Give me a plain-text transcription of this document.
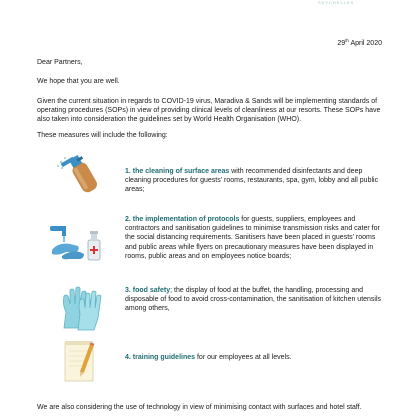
SEYCHELLES
29th April 2020

Dear Partners,

We hope that you are well.

Given the current situation in regards to COVID-19 virus, Maradiva & Sands will be implementing standards of operating procedures (SOPs) in view of providing clinical levels of cleanliness at our resorts. These SOPs have also taken into consideration the guidelines set by World Health Organisation (WHO).

These measures will include the following:

1. the cleaning of surface areas with recommended disinfectants and deep cleaning procedures for guests' rooms, restaurants, spa, gym, lobby and all public areas;

2. the implementation of protocols for guests, suppliers, employees and contractors and sanitisation guidelines to minimise transmission risks and cater for the social distancing requirements. Sanitisers have been placed in guests' rooms and public areas while flyers on precautionary measures have been displayed in rooms, public areas and on employees notice boards;

3. food safety; the display of food at the buffet, the handling, processing and disposable of food to avoid cross-contamination, the sanitisation of kitchen utensils among others,

4. training guidelines for our employees at all levels.

We are also considering the use of technology in view of minimising contact with surfaces and hotel staff.
